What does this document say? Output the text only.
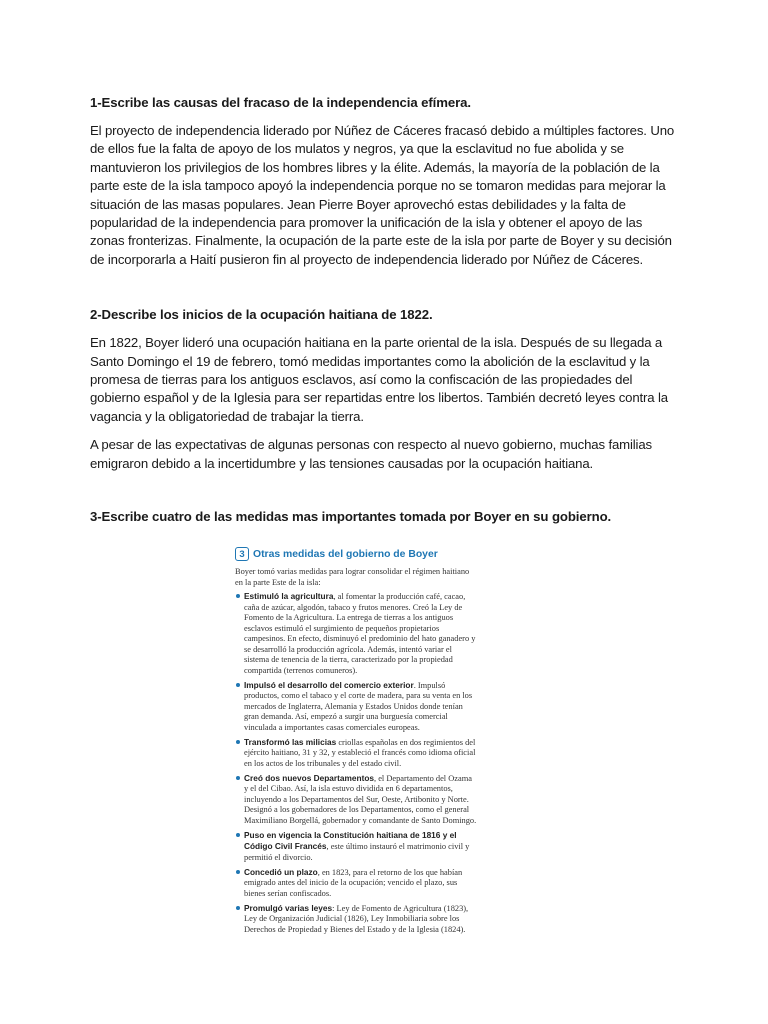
1-Escribe las causas del fracaso de la independencia efímera.

El proyecto de independencia liderado por Núñez de Cáceres fracasó debido a múltiples factores. Uno de ellos fue la falta de apoyo de los mulatos y negros, ya que la esclavitud no fue abolida y se mantuvieron los privilegios de los hombres libres y la élite. Además, la mayoría de la población de la parte este de la isla tampoco apoyó la independencia porque no se tomaron medidas para mejorar la situación de las masas populares. Jean Pierre Boyer aprovechó estas debilidades y la falta de popularidad de la independencia para promover la unificación de la isla y obtener el apoyo de las zonas fronterizas. Finalmente, la ocupación de la parte este de la isla por parte de Boyer y su decisión de incorporarla a Haití pusieron fin al proyecto de independencia liderado por Núñez de Cáceres.

2-Describe los inicios de la ocupación haitiana de 1822.

En 1822, Boyer lideró una ocupación haitiana en la parte oriental de la isla. Después de su llegada a Santo Domingo el 19 de febrero, tomó medidas importantes como la abolición de la esclavitud y la promesa de tierras para los antiguos esclavos, así como la confiscación de las propiedades del gobierno español y de la Iglesia para ser repartidas entre los libertos. También decretó leyes contra la vagancia y la obligatoriedad de trabajar la tierra.

A pesar de las expectativas de algunas personas con respecto al nuevo gobierno, muchas familias emigraron debido a la incertidumbre y las tensiones causadas por la ocupación haitiana.

3-Escribe cuatro de las medidas mas importantes tomada por Boyer en su gobierno.

3 Otras medidas del gobierno de Boyer

Boyer tomó varias medidas para lograr consolidar el régimen haitiano en la parte Este de la isla:

Estimuló la agricultura, al fomentar la producción café, cacao, caña de azúcar, algodón, tabaco y frutos menores. Creó la Ley de Fomento de la Agricultura. La entrega de tierras a los antiguos esclavos estimuló el surgimiento de pequeños propietarios campesinos. En efecto, disminuyó el predominio del hato ganadero y se desarrolló la producción agrícola. Además, intentó variar el sistema de tenencia de la tierra, caracterizado por la propiedad compartida (terrenos comuneros).
Impulsó el desarrollo del comercio exterior. Impulsó productos, como el tabaco y el corte de madera, para su venta en los mercados de Inglaterra, Alemania y Estados Unidos donde tenían gran demanda. Así, empezó a surgir una burguesía comercial vinculada a importantes casas comerciales europeas.
Transformó las milicias criollas españolas en dos regimientos del ejército haitiano, 31 y 32, y estableció el francés como idioma oficial en los actos de los tribunales y del estado civil.
Creó dos nuevos Departamentos, el Departamento del Ozama y el del Cibao. Así, la isla estuvo dividida en 6 departamentos, incluyendo a los Departamentos del Sur, Oeste, Artibonito y Norte. Designó a los gobernadores de los Departamentos, como el general Maximiliano Borgellá, gobernador y comandante de Santo Domingo.
Puso en vigencia la Constitución haitiana de 1816 y el Código Civil Francés, este último instauró el matrimonio civil y permitió el divorcio.
Concedió un plazo, en 1823, para el retorno de los que habían emigrado antes del inicio de la ocupación; vencido el plazo, sus bienes serían confiscados.
Promulgó varias leyes: Ley de Fomento de Agricultura (1823), Ley de Organización Judicial (1826), Ley Inmobiliaria sobre los Derechos de Propiedad y Bienes del Estado y de la Iglesia (1824).
